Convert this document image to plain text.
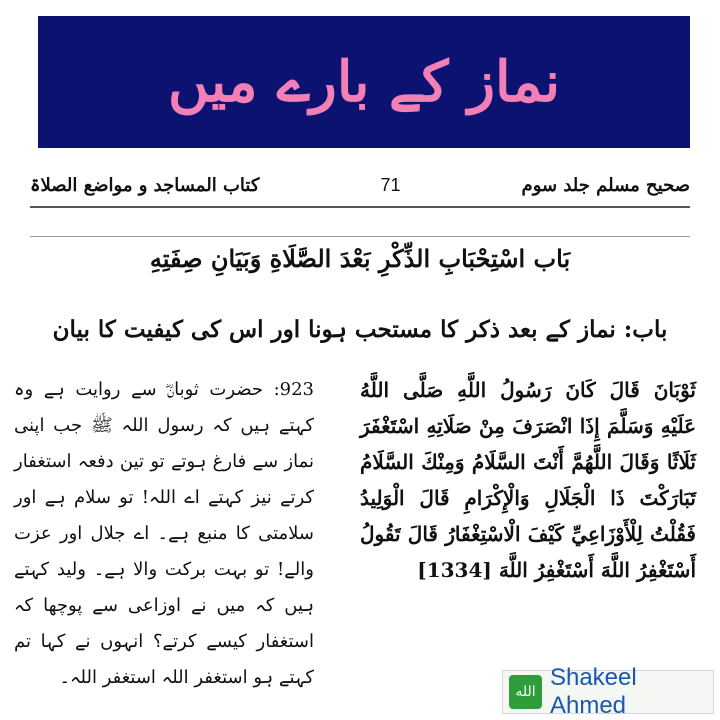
نماز کے بارے میں
صحیح مسلم جلد سوم
71
کتاب المساجد و مواضع الصلاۃ
بَاب اسْتِحْبَابِ الذِّكْرِ بَعْدَ الصَّلَاةِ وَبَيَانِ صِفَتِهِ
باب: نماز کے بعد ذکر کا مستحب ہونا اور اس کی کیفیت کا بیان
ثَوْبَانَ قَالَ كَانَ رَسُولُ اللَّهِ صَلَّى اللَّهُ عَلَيْهِ وَسَلَّمَ إِذَا انْصَرَفَ مِنْ صَلَاتِهِ اسْتَغْفَرَ ثَلَاثًا وَقَالَ اللَّهُمَّ أَنْتَ السَّلَامُ وَمِنْكَ السَّلَامُ تَبَارَكْتَ ذَا الْجَلَالِ وَالْإِكْرَامِ قَالَ الْوَلِيدُ فَقُلْتُ لِلْأَوْزَاعِيِّ كَيْفَ الْاسْتِغْفَارُ قَالَ تَقُولُ أَسْتَغْفِرُ اللَّهَ أَسْتَغْفِرُ اللَّهَ [1334]
923: حضرت ثوبانؓ سے روایت ہے وہ کہتے ہیں کہ رسول اللہ ﷺ جب اپنی نماز سے فارغ ہوتے تو تین دفعہ استغفار کرتے نیز کہتے اے اللہ! تو سلام ہے اور سلامتی کا منبع ہے۔ اے جلال اور عزت والے! تو بہت برکت والا ہے۔ ولید کہتے ہیں کہ میں نے اوزاعی سے پوچھا کہ استغفار کیسے کرتے؟ انہوں نے کہا تم کہتے ہو استغفر اللہ استغفر اللہ۔
الله
Shakeel Ahmed
